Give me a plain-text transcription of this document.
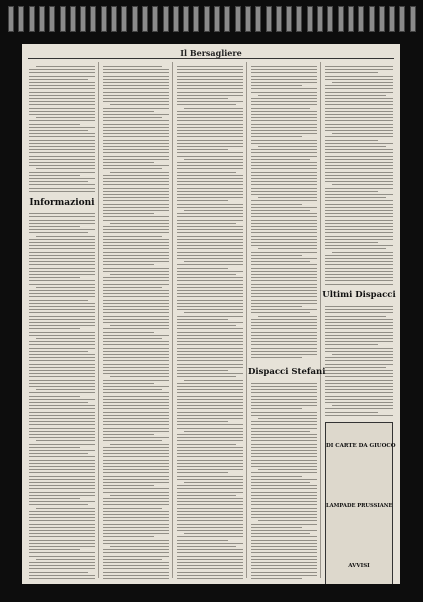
Il Bersagliere
Informazioni
Dispacci Stefani
Ultimi Dispacci
DI CARTE DA GIUOCO
LAMPADE PRUSSIANE
AVVISI
